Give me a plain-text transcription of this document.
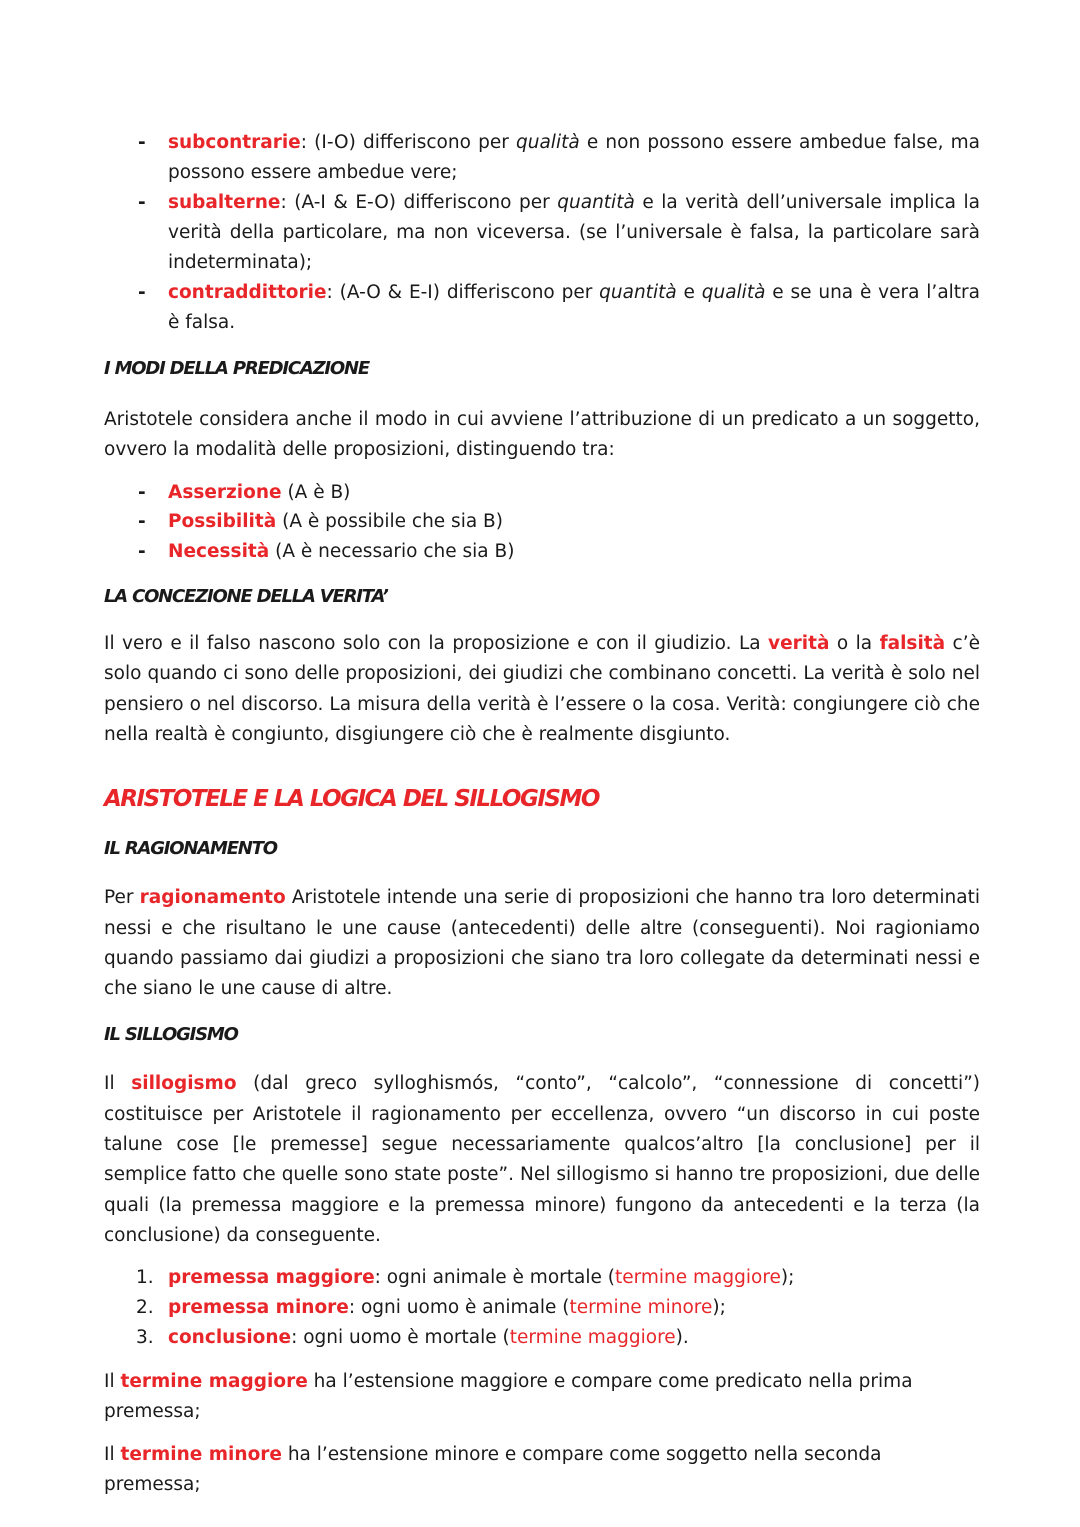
- subcontrarie: (I-O) differiscono per qualità e non possono essere ambedue false, ma possono essere ambedue vere;
- subalterne: (A-I & E-O) differiscono per quantità e la verità dell’universale implica la verità della particolare, ma non viceversa. (se l’universale è falsa, la particolare sarà indeterminata);
- contraddittorie: (A-O & E-I) differiscono per quantità e qualità e se una è vera l’altra è falsa.
I MODI DELLA PREDICAZIONE

Aristotele considera anche il modo in cui avviene l’attribuzione di un predicato a un soggetto, ovvero la modalità delle proposizioni, distinguendo tra:

- Asserzione (A è B)
- Possibilità (A è possibile che sia B)
- Necessità (A è necessario che sia B)
LA CONCEZIONE DELLA VERITA’

Il vero e il falso nascono solo con la proposizione e con il giudizio. La verità o la falsità c’è solo quando ci sono delle proposizioni, dei giudizi che combinano concetti. La verità è solo nel pensiero o nel discorso. La misura della verità è l’essere o la cosa. Verità: congiungere ciò che nella realtà è congiunto, disgiungere ciò che è realmente disgiunto.

ARISTOTELE E LA LOGICA DEL SILLOGISMO
IL RAGIONAMENTO

Per ragionamento Aristotele intende una serie di proposizioni che hanno tra loro determinati nessi e che risultano le une cause (antecedenti) delle altre (conseguenti). Noi ragioniamo quando passiamo dai giudizi a proposizioni che siano tra loro collegate da determinati nessi e che siano le une cause di altre.

IL SILLOGISMO

Il sillogismo (dal greco sylloghismós, “conto”, “calcolo”, “connessione di concetti”) costituisce per Aristotele il ragionamento per eccellenza, ovvero “un discorso in cui poste talune cose [le premesse] segue necessariamente qualcos’altro [la conclusione] per il semplice fatto che quelle sono state poste”. Nel sillogismo si hanno tre proposizioni, due delle quali (la premessa maggiore e la premessa minore) fungono da antecedenti e la terza (la conclusione) da conseguente.

1. premessa maggiore: ogni animale è mortale (termine maggiore);
2. premessa minore: ogni uomo è animale (termine minore);
3. conclusione: ogni uomo è mortale (termine maggiore).

Il termine maggiore ha l’estensione maggiore e compare come predicato nella prima premessa;

Il termine minore ha l’estensione minore e compare come soggetto nella seconda premessa;
